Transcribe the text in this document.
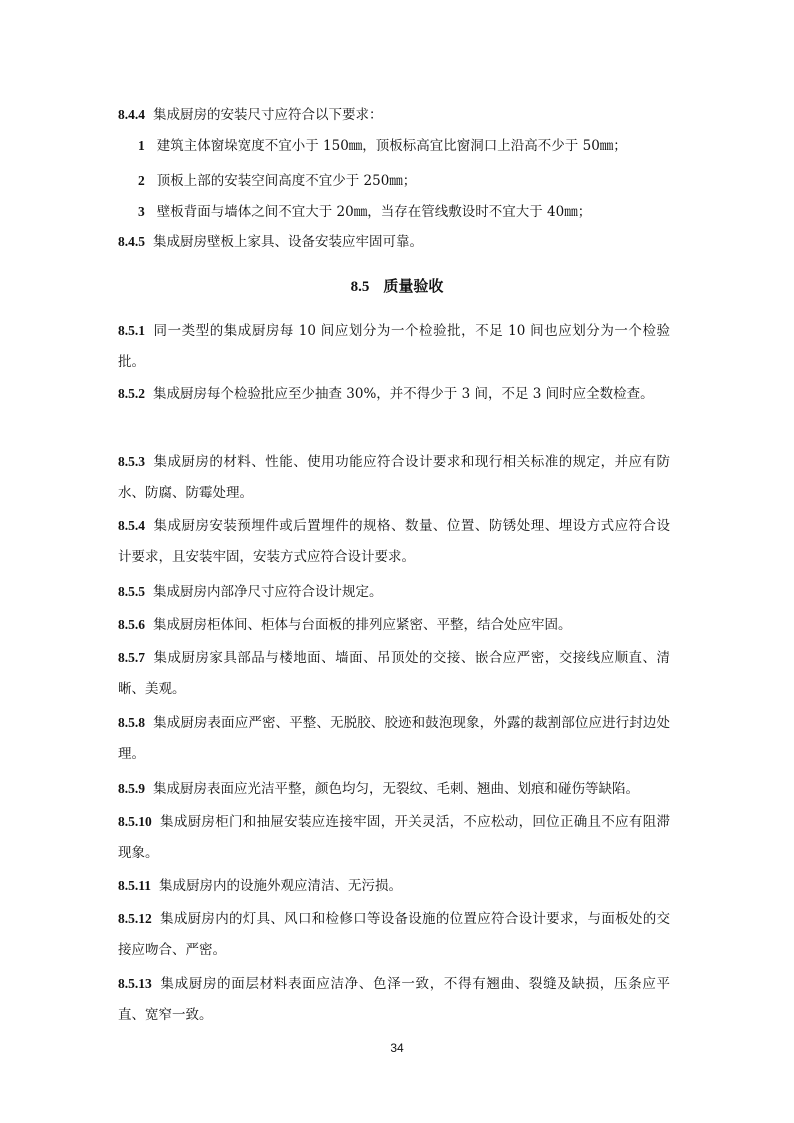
8.4.4 集成厨房的安装尺寸应符合以下要求：

1 建筑主体窗垛宽度不宜小于 150㎜，顶板标高宜比窗洞口上沿高不少于 50㎜；

2 顶板上部的安装空间高度不宜少于 250㎜；

3 壁板背面与墙体之间不宜大于 20㎜，当存在管线敷设时不宜大于 40㎜；

8.4.5 集成厨房壁板上家具、设备安装应牢固可靠。

8.5 质量验收

8.5.1 同一类型的集成厨房每 10 间应划分为一个检验批，不足 10 间也应划分为一个检验批。

8.5.2 集成厨房每个检验批应至少抽查 30%，并不得少于 3 间，不足 3 间时应全数检查。

8.5.3 集成厨房的材料、性能、使用功能应符合设计要求和现行相关标准的规定，并应有防水、防腐、防霉处理。

8.5.4 集成厨房安装预埋件或后置埋件的规格、数量、位置、防锈处理、埋设方式应符合设 计要求，且安装牢固，安装方式应符合设计要求。

8.5.5 集成厨房内部净尺寸应符合设计规定。

8.5.6 集成厨房柜体间、柜体与台面板的排列应紧密、平整，结合处应牢固。

8.5.7 集成厨房家具部品与楼地面、墙面、吊顶处的交接、嵌合应严密，交接线应顺直、清晰、美观。

8.5.8 集成厨房表面应严密、平整、无脱胶、胶迹和鼓泡现象，外露的裁割部位应进行封边处理。

8.5.9 集成厨房表面应光洁平整，颜色均匀，无裂纹、毛刺、翘曲、划痕和碰伤等缺陷。

8.5.10 集成厨房柜门和抽屉安装应连接牢固，开关灵活，不应松动，回位正确且不应有阻滞现象。

8.5.11 集成厨房内的设施外观应清洁、无污损。

8.5.12 集成厨房内的灯具、风口和检修口等设备设施的位置应符合设计要求，与面板处的交接应吻合、严密。

8.5.13 集成厨房的面层材料表面应洁净、色泽一致，不得有翘曲、裂缝及缺损，压条应平直、宽窄一致。

34
